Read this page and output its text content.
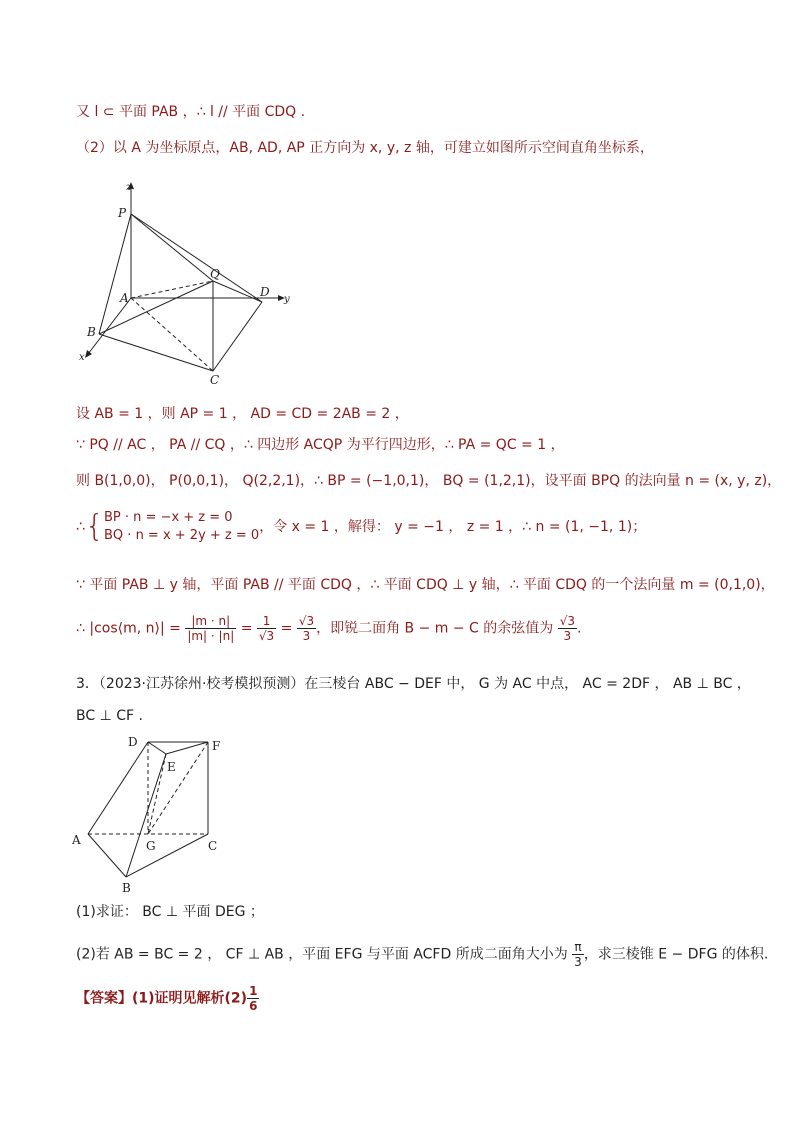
又 l ⊂ 平面 PAB ，∴ l // 平面 CDQ .
（2）以 A 为坐标原点，AB, AD, AP 正方向为 x, y, z 轴，可建立如图所示空间直角坐标系，
z
P
Q
A	D
y
B
x
C
设 AB = 1 ，则 AP = 1 ， AD = CD = 2AB = 2 ，
∵ PQ // AC ， PA // CQ ，∴ 四边形 ACQP 为平行四边形，∴ PA = QC = 1 ，
则 B(1,0,0)， P(0,0,1)， Q(2,2,1)，∴ BP = (−1,0,1)， BQ = (1,2,1)，设平面 BPQ 的法向量 n = (x, y, z)，
∴{ BP · n = −x + z = 0
BQ · n = x + 2y + z = 0
，令 x = 1 ，解得： y = −1 ， z = 1 ，∴ n = (1, −1, 1)；
∵ 平面 PAB ⊥ y 轴，平面 PAB // 平面 CDQ ，∴ 平面 CDQ ⊥ y 轴，∴ 平面 CDQ 的一个法向量 m = (0,1,0)，
∴ |cos⟨m, n⟩| = $\frac{|m \cdot n|}{|m| \cdot |n|} = \frac{1}{√3} = \frac{√3}{3}$ ，即锐二面角 B − m − C 的余弦值为 $\frac{√3}{3}$ .
3．（2023·江苏徐州·校考模拟预测）在三棱台 ABC − DEF 中， G 为 AC 中点， AC = 2DF ， AB ⊥ BC ，
BC ⊥ CF .
D	F
E
A	G	C
B
(1)求证： BC ⊥ 平面 DEG ；
(2)若 AB = BC = 2 ， CF ⊥ AB ，平面 EFG 与平面 ACFD 所成二面角大小为 $\frac{\pi}{3}$ ，求三棱锥 E − DFG 的体积.
【答案】(1)证明见解析$(2) \frac{1}{6}$
